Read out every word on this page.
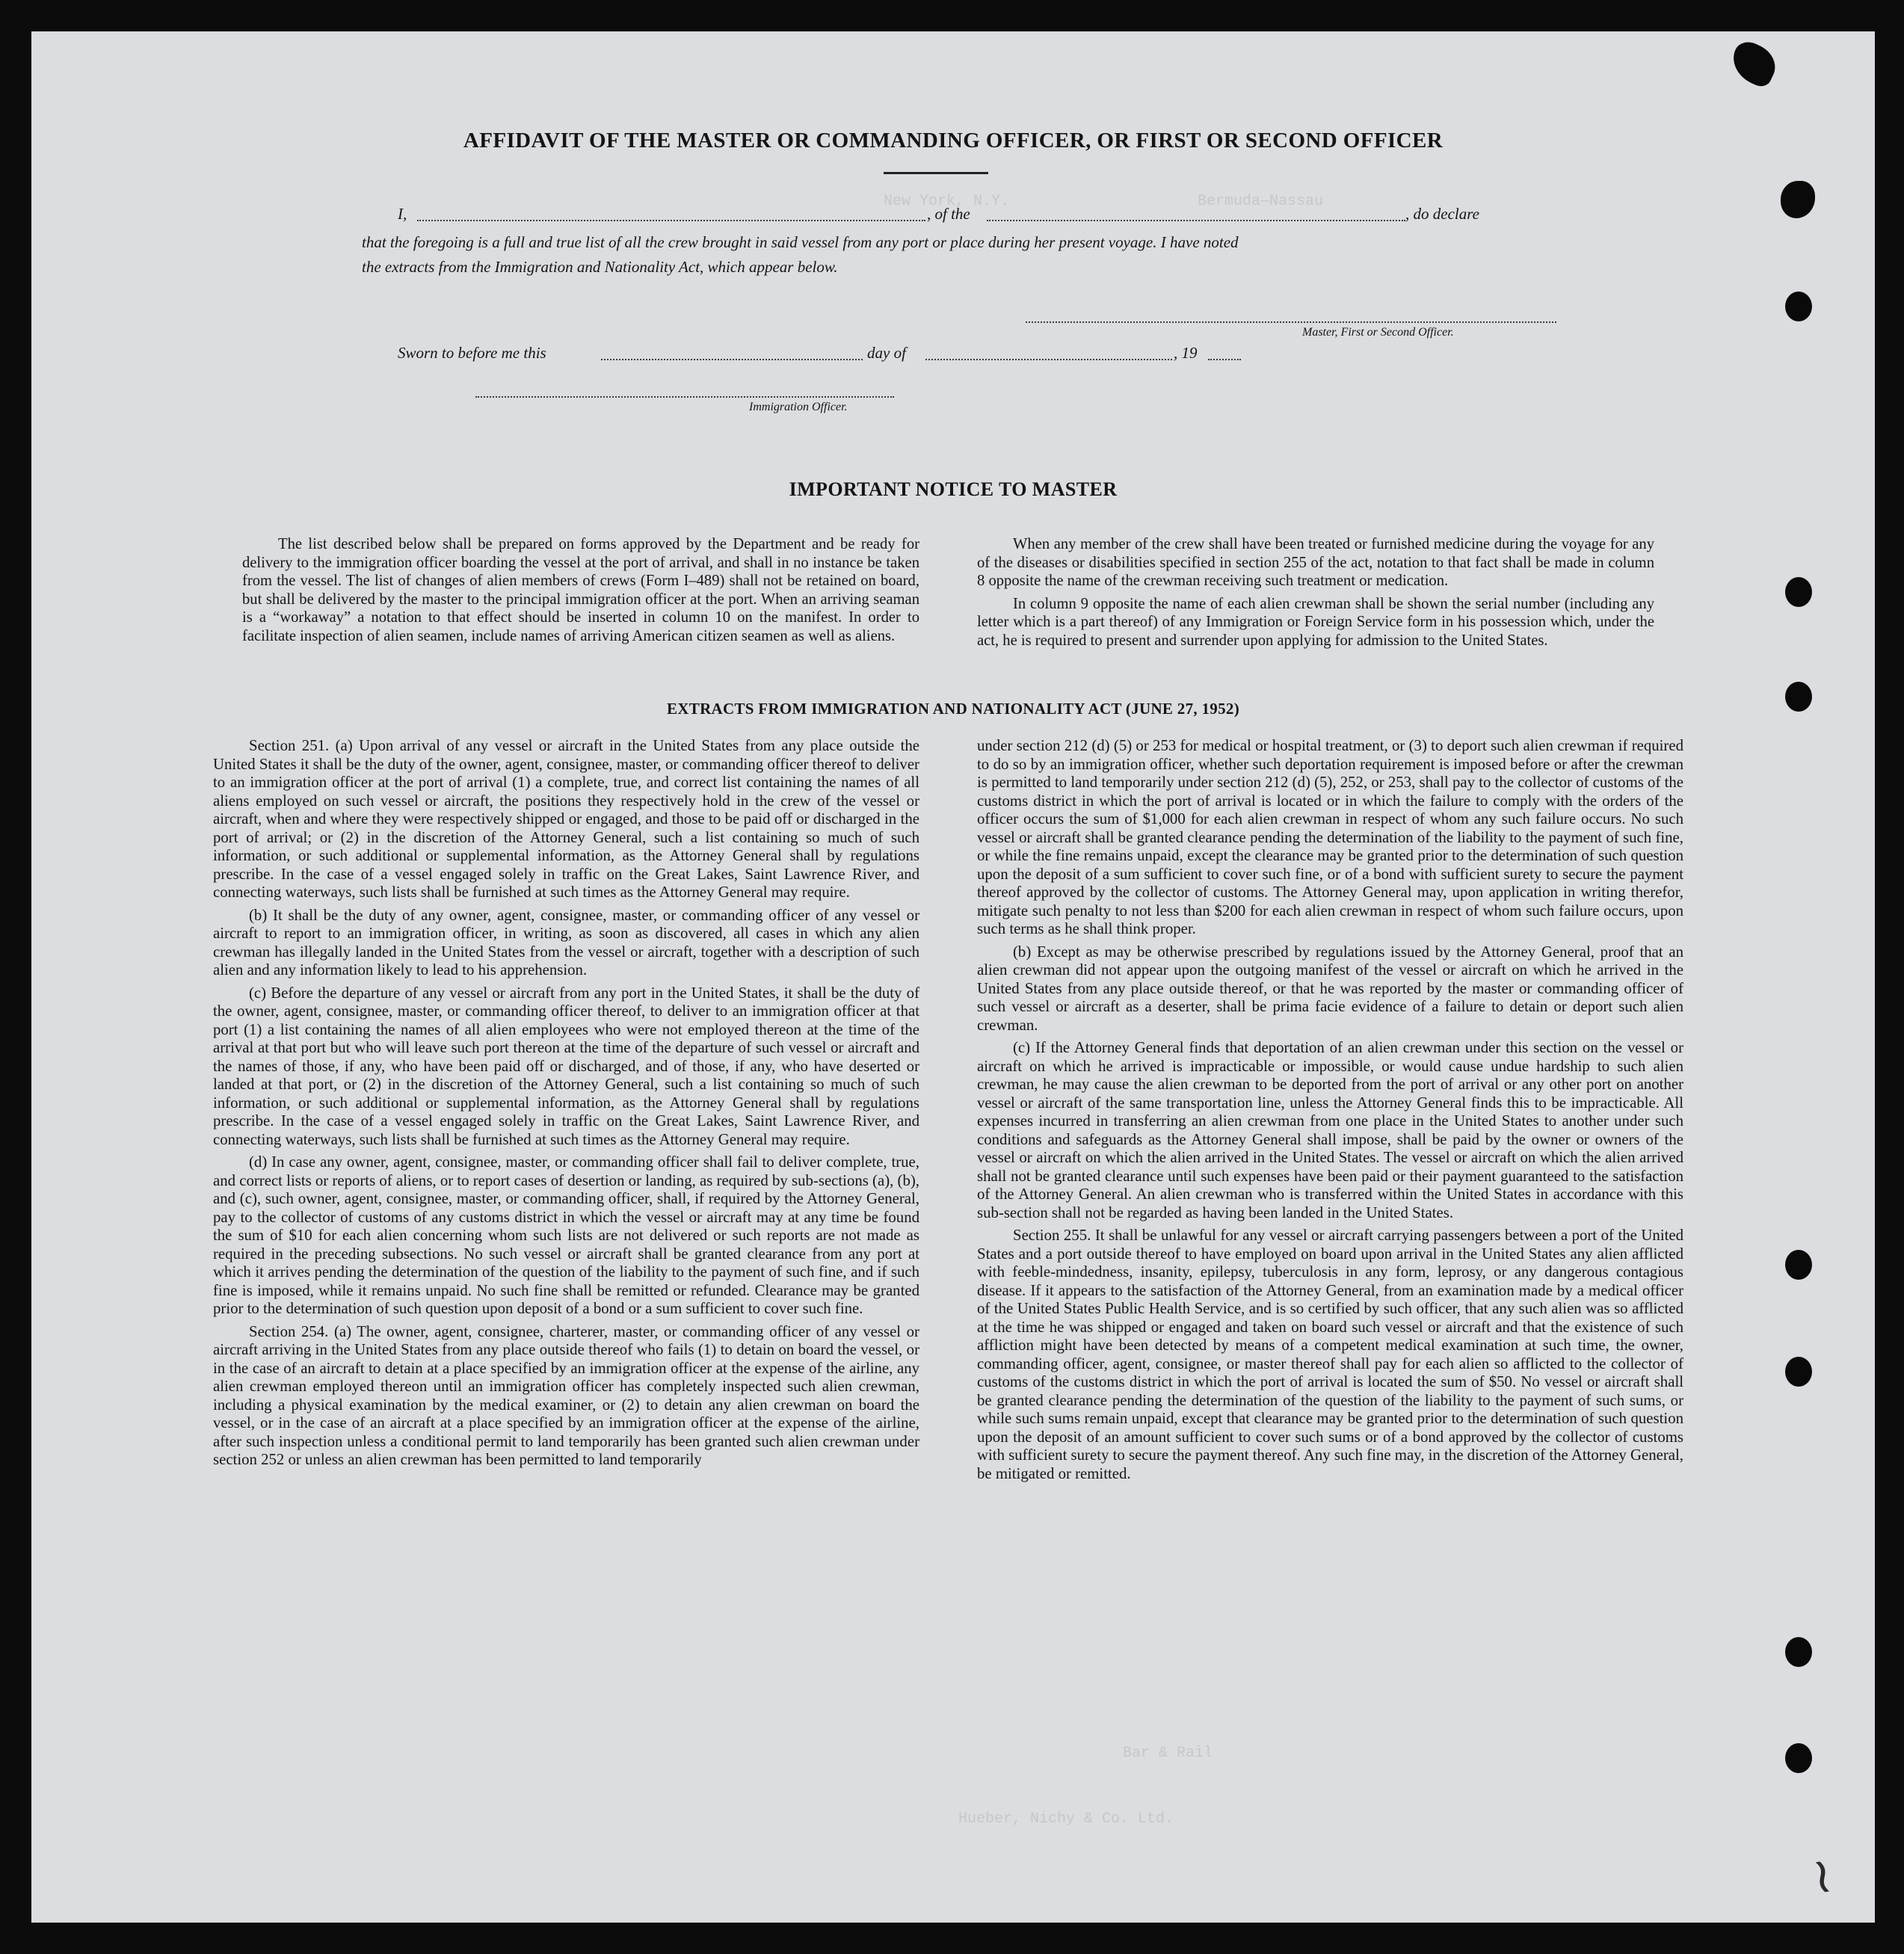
~
New York, N.Y.	Bermuda—Nassau
Hueber, Nichy & Co. Ltd.
Bar & Rail
AFFIDAVIT OF THE MASTER OR COMMANDING OFFICER, OR FIRST OR SECOND OFFICER
I,	, of the	, do declare
that the foregoing is a full and true list of all the crew brought in said vessel from any port or place during her present voyage. I have noted
the extracts from the Immigration and Nationality Act, which appear below.
Master, First or Second Officer.
Sworn to before me this	day of	, 19
Immigration Officer.
IMPORTANT NOTICE TO MASTER

The list described below shall be prepared on forms approved by the Department and be ready for delivery to the immigration officer boarding the vessel at the port of arrival, and shall in no instance be taken from the vessel. The list of changes of alien members of crews (Form I–489) shall not be retained on board, but shall be delivered by the master to the principal immigration officer at the port. When an arriving seaman is a “workaway” a notation to that effect should be inserted in column 10 on the manifest. In order to facilitate inspection of alien seamen, include names of arriving American citizen seamen as well as aliens.

When any member of the crew shall have been treated or furnished medicine during the voyage for any of the diseases or disabilities specified in section 255 of the act, notation to that fact shall be made in column 8 opposite the name of the crewman receiving such treatment or medication.

In column 9 opposite the name of each alien crewman shall be shown the serial number (including any letter which is a part thereof) of any Immigration or Foreign Service form in his possession which, under the act, he is required to present and surrender upon applying for admission to the United States.

EXTRACTS FROM IMMIGRATION AND NATIONALITY ACT (JUNE 27, 1952)

Section 251. (a) Upon arrival of any vessel or aircraft in the United States from any place outside the United States it shall be the duty of the owner, agent, consignee, master, or commanding officer thereof to deliver to an immigration officer at the port of arrival (1) a complete, true, and correct list containing the names of all aliens employed on such vessel or aircraft, the positions they respectively hold in the crew of the vessel or aircraft, when and where they were respectively shipped or engaged, and those to be paid off or discharged in the port of arrival; or (2) in the discretion of the Attorney General, such a list containing so much of such information, or such additional or supplemental information, as the Attorney General shall by regulations prescribe. In the case of a vessel engaged solely in traffic on the Great Lakes, Saint Lawrence River, and connecting waterways, such lists shall be furnished at such times as the Attorney General may require.

(b) It shall be the duty of any owner, agent, consignee, master, or commanding officer of any vessel or aircraft to report to an immigration officer, in writing, as soon as discovered, all cases in which any alien crewman has illegally landed in the United States from the vessel or aircraft, together with a description of such alien and any information likely to lead to his apprehension.

(c) Before the departure of any vessel or aircraft from any port in the United States, it shall be the duty of the owner, agent, consignee, master, or commanding officer thereof, to deliver to an immigration officer at that port (1) a list containing the names of all alien employees who were not employed thereon at the time of the arrival at that port but who will leave such port thereon at the time of the departure of such vessel or aircraft and the names of those, if any, who have been paid off or discharged, and of those, if any, who have deserted or landed at that port, or (2) in the discretion of the Attorney General, such a list containing so much of such information, or such additional or supplemental information, as the Attorney General shall by regulations prescribe. In the case of a vessel engaged solely in traffic on the Great Lakes, Saint Lawrence River, and connecting waterways, such lists shall be furnished at such times as the Attorney General may require.

(d) In case any owner, agent, consignee, master, or commanding officer shall fail to deliver complete, true, and correct lists or reports of aliens, or to report cases of desertion or landing, as required by sub-sections (a), (b), and (c), such owner, agent, consignee, master, or commanding officer, shall, if required by the Attorney General, pay to the collector of customs of any customs district in which the vessel or aircraft may at any time be found the sum of $10 for each alien concerning whom such lists are not delivered or such reports are not made as required in the preceding subsections. No such vessel or aircraft shall be granted clearance from any port at which it arrives pending the determination of the question of the liability to the payment of such fine, and if such fine is imposed, while it remains unpaid. No such fine shall be remitted or refunded. Clearance may be granted prior to the determination of such question upon deposit of a bond or a sum sufficient to cover such fine.

Section 254. (a) The owner, agent, consignee, charterer, master, or commanding officer of any vessel or aircraft arriving in the United States from any place outside thereof who fails (1) to detain on board the vessel, or in the case of an aircraft to detain at a place specified by an immigration officer at the expense of the airline, any alien crewman employed thereon until an immigration officer has completely inspected such alien crewman, including a physical examination by the medical examiner, or (2) to detain any alien crewman on board the vessel, or in the case of an aircraft at a place specified by an immigration officer at the expense of the airline, after such inspection unless a conditional permit to land temporarily has been granted such alien crewman under section 252 or unless an alien crewman has been permitted to land temporarily

under section 212 (d) (5) or 253 for medical or hospital treatment, or (3) to deport such alien crewman if required to do so by an immigration officer, whether such deportation requirement is imposed before or after the crewman is permitted to land temporarily under section 212 (d) (5), 252, or 253, shall pay to the collector of customs of the customs district in which the port of arrival is located or in which the failure to comply with the orders of the officer occurs the sum of $1,000 for each alien crewman in respect of whom any such failure occurs. No such vessel or aircraft shall be granted clearance pending the determination of the liability to the payment of such fine, or while the fine remains unpaid, except the clearance may be granted prior to the determination of such question upon the deposit of a sum sufficient to cover such fine, or of a bond with sufficient surety to secure the payment thereof approved by the collector of customs. The Attorney General may, upon application in writing therefor, mitigate such penalty to not less than $200 for each alien crewman in respect of whom such failure occurs, upon such terms as he shall think proper.

(b) Except as may be otherwise prescribed by regulations issued by the Attorney General, proof that an alien crewman did not appear upon the outgoing manifest of the vessel or aircraft on which he arrived in the United States from any place outside thereof, or that he was reported by the master or commanding officer of such vessel or aircraft as a deserter, shall be prima facie evidence of a failure to detain or deport such alien crewman.

(c) If the Attorney General finds that deportation of an alien crewman under this section on the vessel or aircraft on which he arrived is impracticable or impossible, or would cause undue hardship to such alien crewman, he may cause the alien crewman to be deported from the port of arrival or any other port on another vessel or aircraft of the same transportation line, unless the Attorney General finds this to be impracticable. All expenses incurred in transferring an alien crewman from one place in the United States to another under such conditions and safeguards as the Attorney General shall impose, shall be paid by the owner or owners of the vessel or aircraft on which the alien arrived in the United States. The vessel or aircraft on which the alien arrived shall not be granted clearance until such expenses have been paid or their payment guaranteed to the satisfaction of the Attorney General. An alien crewman who is transferred within the United States in accordance with this sub-section shall not be regarded as having been landed in the United States.

Section 255. It shall be unlawful for any vessel or aircraft carrying passengers between a port of the United States and a port outside thereof to have employed on board upon arrival in the United States any alien afflicted with feeble-mindedness, insanity, epilepsy, tuberculosis in any form, leprosy, or any dangerous contagious disease. If it appears to the satisfaction of the Attorney General, from an examination made by a medical officer of the United States Public Health Service, and is so certified by such officer, that any such alien was so afflicted at the time he was shipped or engaged and taken on board such vessel or aircraft and that the existence of such affliction might have been detected by means of a competent medical examination at such time, the owner, commanding officer, agent, consignee, or master thereof shall pay for each alien so afflicted to the collector of customs of the customs district in which the port of arrival is located the sum of $50. No vessel or aircraft shall be granted clearance pending the determination of the question of the liability to the payment of such sums, or while such sums remain unpaid, except that clearance may be granted prior to the determination of such question upon the deposit of an amount sufficient to cover such sums or of a bond approved by the collector of customs with sufficient surety to secure the payment thereof. Any such fine may, in the discretion of the Attorney General, be mitigated or remitted.
